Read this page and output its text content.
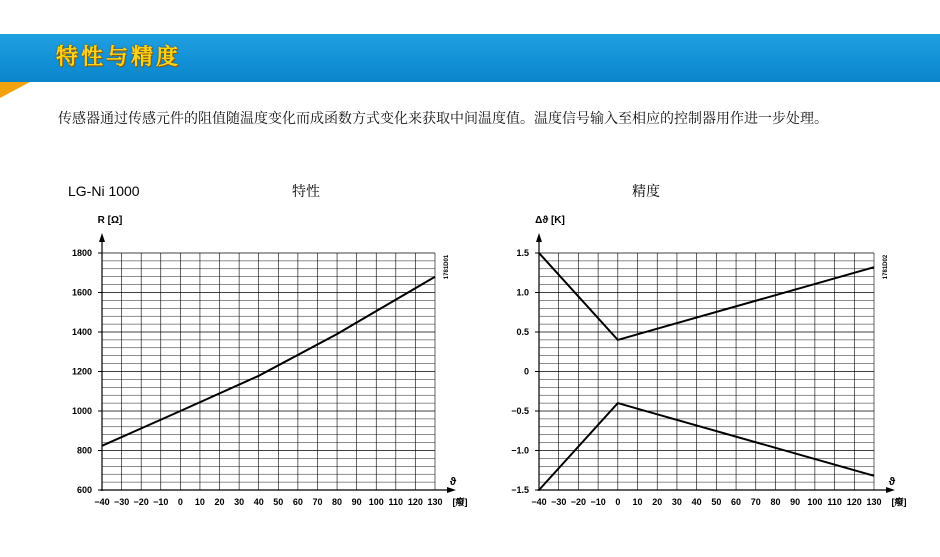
特性与精度
传感器通过传感元件的阻值随温度变化而成函数方式变化来获取中间温度值。温度信号输入至相应的控制器用作进一步处理。
−40 −30 −20 −10 0 10 20 30 40 50 60 70 80 90 100 110 120 130
600
800
1000
1200
1400
1600
1800
R [Ω]
ϑ
[癈]
特性
LG-Ni 1000
1781D01
−40 −30 −20 −10 0 10 20 30 40 50 60 70 80 90 100 110 120 130
−1.5
−1.0
−0.5
0
0.5
1.0
1.5
Δϑ [K]
ϑ
[癈]
精度
1781D02
